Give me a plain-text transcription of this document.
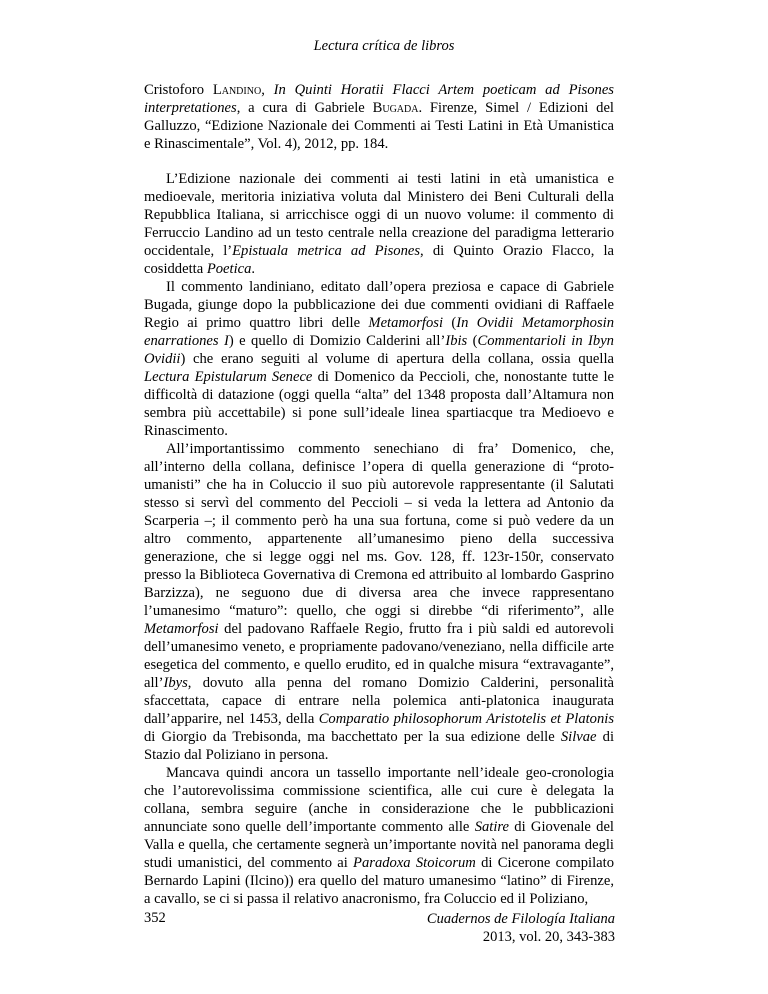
Lectura crítica de libros

Cristoforo Landino, In Quinti Horatii Flacci Artem poeticam ad Pisones interpretationes, a cura di Gabriele Bugada. Firenze, Simel / Edizioni del Galluzzo, “Edizione Nazionale dei Commenti ai Testi Latini in Età Umanistica e Rinascimentale”, Vol. 4), 2012, pp. 184.

L’Edizione nazionale dei commenti ai testi latini in età umanistica e medioevale, meritoria iniziativa voluta dal Ministero dei Beni Culturali della Repubblica Italiana, si arricchisce oggi di un nuovo volume: il commento di Ferruccio Landino ad un testo centrale nella creazione del paradigma letterario occidentale, l’Epistuala metrica ad Pisones, di Quinto Orazio Flacco, la cosiddetta Poetica.

Il commento landiniano, editato dall’opera preziosa e capace di Gabriele Bugada, giunge dopo la pubblicazione dei due commenti ovidiani di Raffaele Regio ai primo quattro libri delle Metamorfosi (In Ovidii Metamorphosin enarrationes I) e quello di Domizio Calderini all’Ibis (Commentarioli in Ibyn Ovidii) che erano seguiti al volume di apertura della collana, ossia quella Lectura Epistularum Senece di Domenico da Peccioli, che, nonostante tutte le difficoltà di datazione (oggi quella “alta” del 1348 proposta dall’Altamura non sembra più accettabile) si pone sull’ideale linea spartiacque tra Medioevo e Rinascimento.

All’importantissimo commento senechiano di fra’ Domenico, che, all’interno della collana, definisce l’opera di quella generazione di “proto-umanisti” che ha in Coluccio il suo più autorevole rappresentante (il Salutati stesso si servì del commento del Peccioli – si veda la lettera ad Antonio da Scarperia –; il commento però ha una sua fortuna, come si può vedere da un altro commento, appartenente all’umanesimo pieno della successiva generazione, che si legge oggi nel ms. Gov. 128, ff. 123r-150r, conservato presso la Biblioteca Governativa di Cremona ed attribuito al lombardo Gasprino Barzizza), ne seguono due di diversa area che invece rappresentano l’umanesimo “maturo”: quello, che oggi si direbbe “di riferimento”, alle Metamorfosi del padovano Raffaele Regio, frutto fra i più saldi ed autorevoli dell’umanesimo veneto, e propriamente padovano/veneziano, nella difficile arte esegetica del commento, e quello erudito, ed in qualche misura “extravagante”, all’Ibys, dovuto alla penna del romano Domizio Calderini, personalità sfaccettata, capace di entrare nella polemica anti-platonica inaugurata dall’apparire, nel 1453, della Comparatio philosophorum Aristotelis et Platonis di Giorgio da Trebisonda, ma bacchettato per la sua edizione delle Silvae di Stazio dal Poliziano in persona.

Mancava quindi ancora un tassello importante nell’ideale geo-cronologia che l’autorevolissima commissione scientifica, alle cui cure è delegata la collana, sembra seguire (anche in considerazione che le pubblicazioni annunciate sono quelle dell’importante commento alle Satire di Giovenale del Valla e quella, che certamente segnerà un’importante novità nel panorama degli studi umanistici, del commento ai Paradoxa Stoicorum di Cicerone compilato Bernardo Lapini (Ilcino)) era quello del maturo umanesimo “latino” di Firenze, a cavallo, se ci si passa il relativo anacronismo, fra Coluccio ed il Poliziano,

352	Cuadernos de Filología Italiana
2013, vol. 20, 343-383
